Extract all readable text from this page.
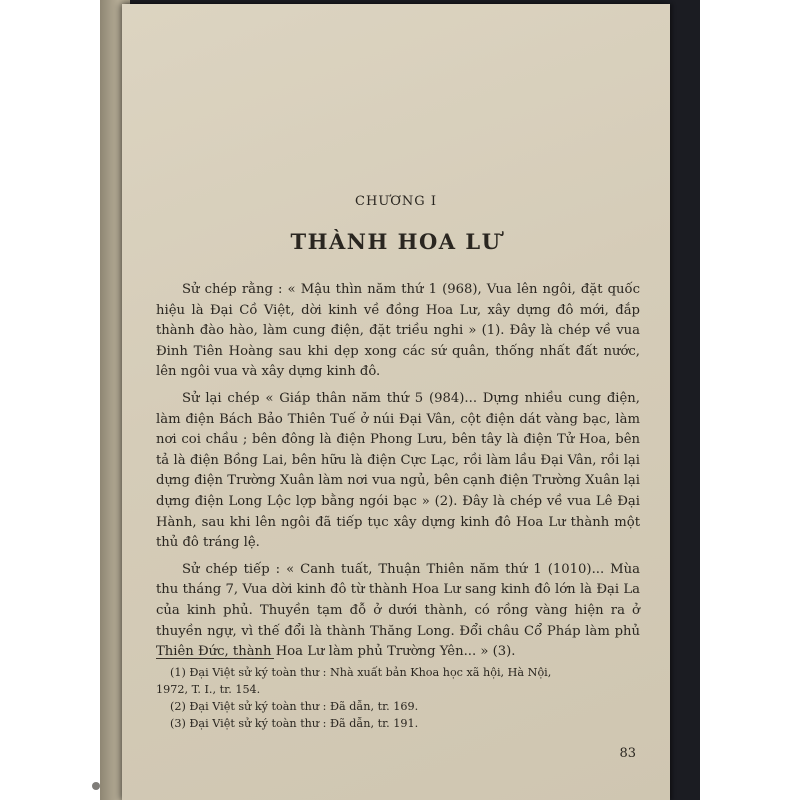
CHƯƠNG I
THÀNH HOA LƯ

Sử chép rằng : « Mậu thìn năm thứ 1 (968), Vua lên ngôi, đặt quốc hiệu là Đại Cồ Việt, dời kinh về đồng Hoa Lư, xây dựng đô mới, đắp thành đào hào, làm cung điện, đặt triều nghi » (1). Đây là chép về vua Đinh Tiên Hoàng sau khi dẹp xong các sứ quân, thống nhất đất nước, lên ngôi vua và xây dựng kinh đô.

Sử lại chép « Giáp thân năm thứ 5 (984)... Dựng nhiều cung điện, làm điện Bách Bảo Thiên Tuế ở núi Đại Vân, cột điện dát vàng bạc, làm nơi coi chầu ; bên đông là điện Phong Lưu, bên tây là điện Tử Hoa, bên tả là điện Bồng Lai, bên hữu là điện Cực Lạc, rồi làm lầu Đại Vân, rồi lại dựng điện Trường Xuân làm nơi vua ngủ, bên cạnh điện Trường Xuân lại dựng điện Long Lộc lợp bằng ngói bạc » (2). Đây là chép về vua Lê Đại Hành, sau khi lên ngôi đã tiếp tục xây dựng kinh đô Hoa Lư thành một thủ đô tráng lệ.

Sử chép tiếp : « Canh tuất, Thuận Thiên năm thứ 1 (1010)... Mùa thu tháng 7, Vua dời kinh đô từ thành Hoa Lư sang kinh đô lớn là Đại La của kinh phủ. Thuyền tạm đỗ ở dưới thành, có rồng vàng hiện ra ở thuyền ngự, vì thế đổi là thành Thăng Long. Đổi châu Cổ Pháp làm phủ Thiên Đức, thành Hoa Lư làm phủ Trường Yên... » (3).

(1) Đại Việt sử ký toàn thư : Nhà xuất bản Khoa học xã hội, Hà Nội,
1972, T. I., tr. 154.
(2) Đại Việt sử ký toàn thư : Đã dẫn, tr. 169.
(3) Đại Việt sử ký toàn thư : Đã dẫn, tr. 191.
83
